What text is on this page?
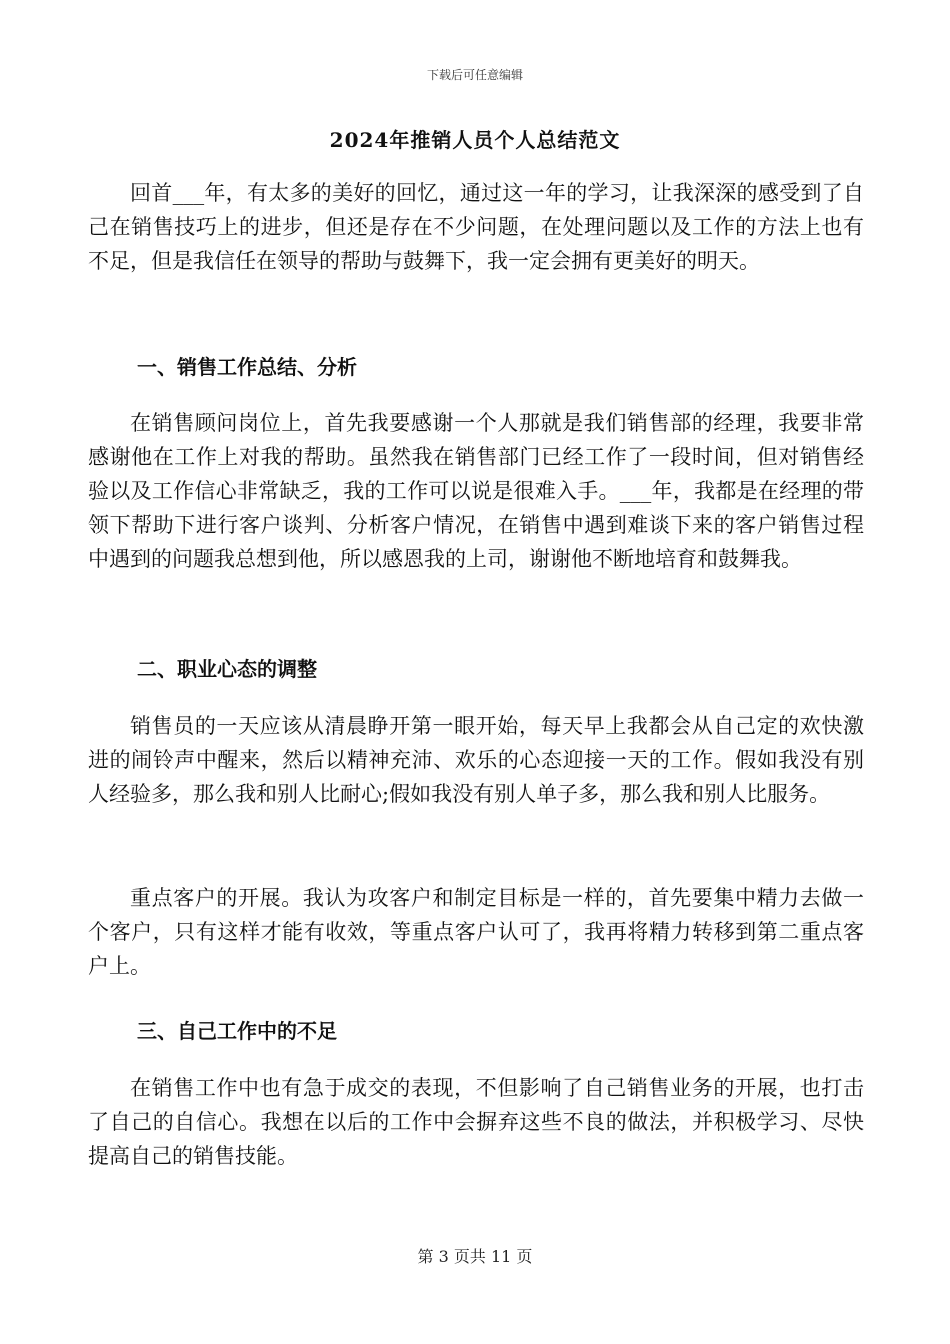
下载后可任意编辑
2024年推销人员个人总结范文

回首___年，有太多的美好的回忆，通过这一年的学习，让我深深的感受到了自己在销售技巧上的进步，但还是存在不少问题，在处理问题以及工作的方法上也有不足，但是我信任在领导的帮助与鼓舞下，我一定会拥有更美好的明天。

一、销售工作总结、分析

在销售顾问岗位上，首先我要感谢一个人那就是我们销售部的经理，我要非常感谢他在工作上对我的帮助。虽然我在销售部门已经工作了一段时间，但对销售经验以及工作信心非常缺乏，我的工作可以说是很难入手。___年，我都是在经理的带领下帮助下进行客户谈判、分析客户情况，在销售中遇到难谈下来的客户销售过程中遇到的问题我总想到他，所以感恩我的上司，谢谢他不断地培育和鼓舞我。

二、职业心态的调整

销售员的一天应该从清晨睁开第一眼开始，每天早上我都会从自己定的欢快激进的闹铃声中醒来，然后以精神充沛、欢乐的心态迎接一天的工作。假如我没有别人经验多，那么我和别人比耐心;假如我没有别人单子多，那么我和别人比服务。

重点客户的开展。我认为攻客户和制定目标是一样的，首先要集中精力去做一个客户，只有这样才能有收效，等重点客户认可了，我再将精力转移到第二重点客户上。

三、自己工作中的不足

在销售工作中也有急于成交的表现，不但影响了自己销售业务的开展，也打击了自己的自信心。我想在以后的工作中会摒弃这些不良的做法，并积极学习、尽快提高自己的销售技能。

第 3 页共 11 页
